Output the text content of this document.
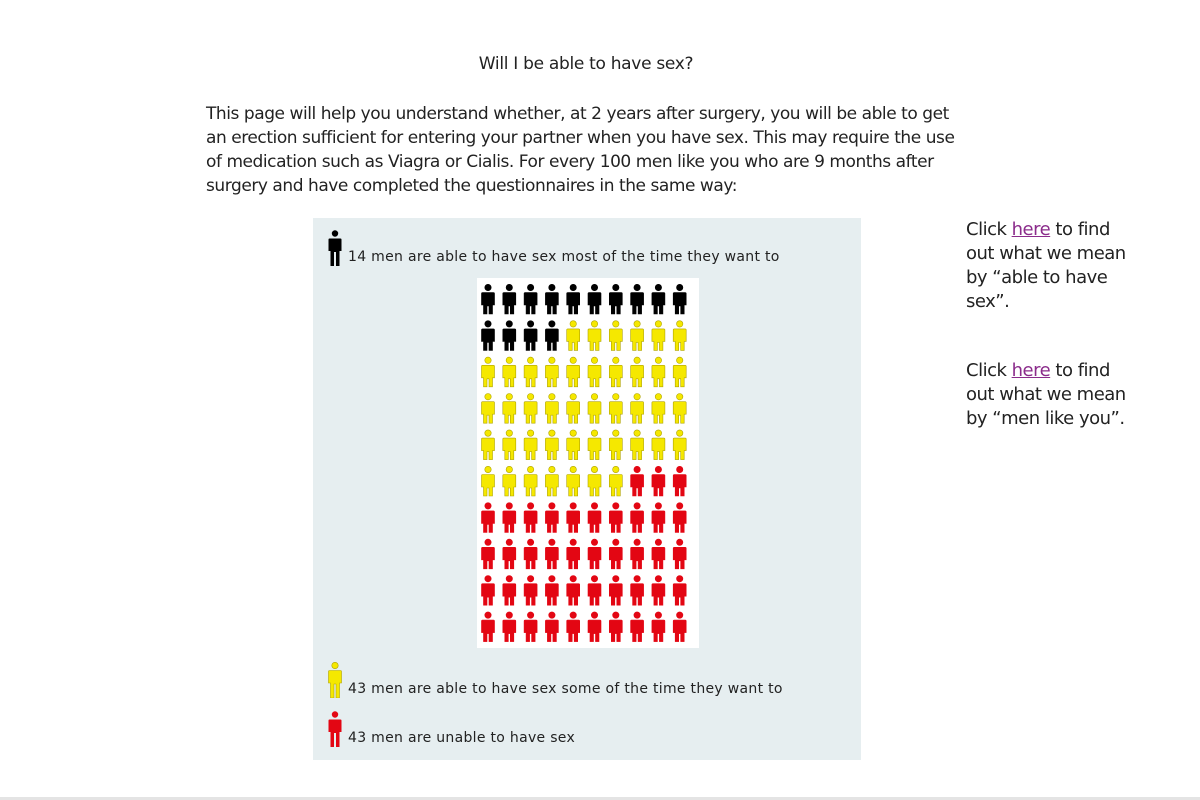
Will I be able to have sex?
This page will help you understand whether, at 2 years after surgery, you will be able to get an erection sufficient for entering your partner when you have sex. This may require the use of medication such as Viagra or Cialis. For every 100 men like you who are 9 months after surgery and have completed the questionnaires in the same way:
14 men are able to have sex most of the time they want to
43 men are able to have sex some of the time they want to
43 men are unable to have sex
Click here to find out what we mean by “able to have sex”.
Click here to find out what we mean by “men like you”.
